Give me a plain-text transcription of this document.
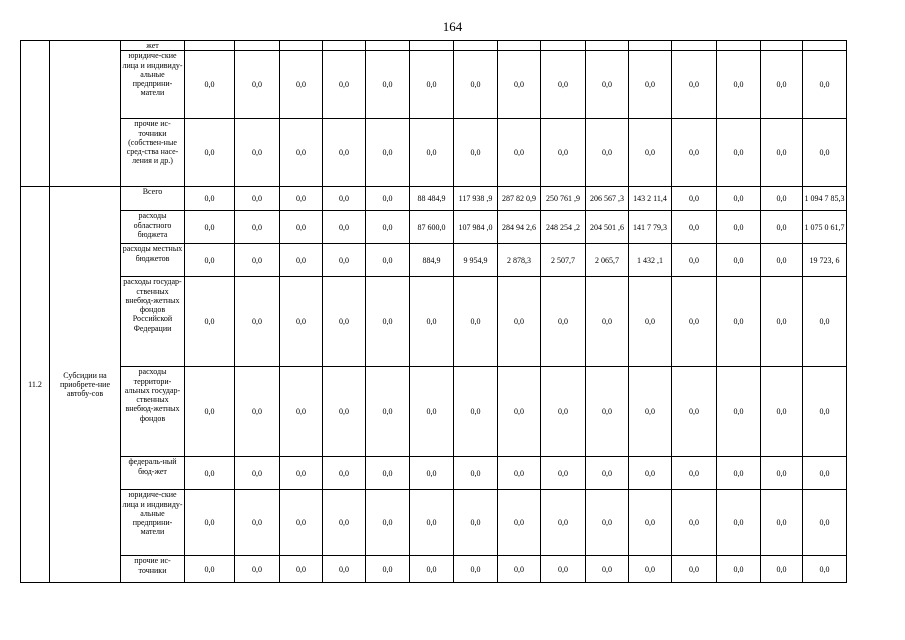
164
		жет															
		юридиче-ские лица и индивиду-альные предприни-матели	0,0	0,0	0,0	0,0	0,0	0,0	0,0	0,0	0,0	0,0	0,0	0,0	0,0	0,0	0,0
		прочие ис-точники (собствен-ные сред-ства насе-ления и др.)	0,0	0,0	0,0	0,0	0,0	0,0	0,0	0,0	0,0	0,0	0,0	0,0	0,0	0,0	0,0
11.2	Субсидии на приобрете-ние автобу-сов	Всего	0,0	0,0	0,0	0,0	0,0	88 484,9	117 938 ,9	287 82 0,9	250 761 ,9	206 567 ,3	143 2 11,4	0,0	0,0	0,0	1 094 7 85,3
		расходы областного бюджета	0,0	0,0	0,0	0,0	0,0	87 600,0	107 984 ,0	284 94 2,6	248 254 ,2	204 501 ,6	141 7 79,3	0,0	0,0	0,0	1 075 0 61,7
		расходы местных бюджетов	0,0	0,0	0,0	0,0	0,0	884,9	9 954,9	2 878,3	2 507,7	2 065,7	1 432 ,1	0,0	0,0	0,0	19 723, 6
		расходы государ-ственных внебюд-жетных фондов Российской Федерации	0,0	0,0	0,0	0,0	0,0	0,0	0,0	0,0	0,0	0,0	0,0	0,0	0,0	0,0	0,0
		расходы территори-альных государ-ственных внебюд-жетных фондов	0,0	0,0	0,0	0,0	0,0	0,0	0,0	0,0	0,0	0,0	0,0	0,0	0,0	0,0	0,0
		федераль-ный бюд-жет	0,0	0,0	0,0	0,0	0,0	0,0	0,0	0,0	0,0	0,0	0,0	0,0	0,0	0,0	0,0
		юридиче-ские лица и индивиду-альные предприни-матели	0,0	0,0	0,0	0,0	0,0	0,0	0,0	0,0	0,0	0,0	0,0	0,0	0,0	0,0	0,0
		прочие ис-точники	0,0	0,0	0,0	0,0	0,0	0,0	0,0	0,0	0,0	0,0	0,0	0,0	0,0	0,0	0,0
